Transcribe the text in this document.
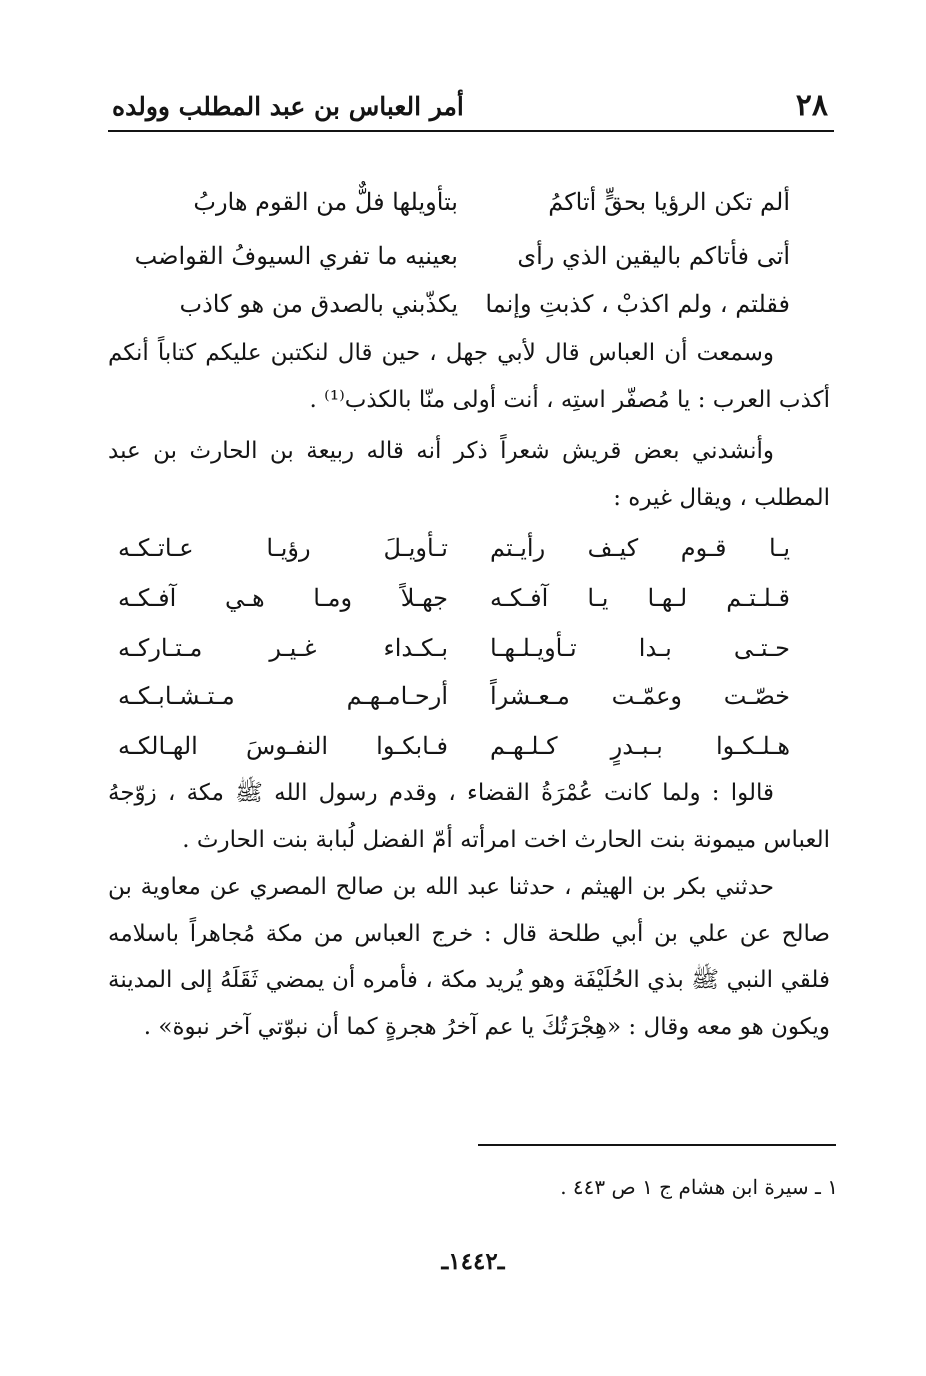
٢٨
أمر العباس بن عبد المطلب وولده
ألم تكن الرؤيا بحقٍّ أتاكمُ
بتأويلها فلٌّ من القوم هاربُ
أتى فأتاكم باليقين الذي رأى
بعينيه ما تفري السيوفُ القواضب
فقلتم ، ولم اكذبْ ، كذبتِ وإنما
يكذّبني بالصدق من هو كاذب
وسمعت أن العباس قال لأبي جهل ، حين قال لنكتبن عليكم كتاباً أنكم أكذب العرب : يا مُصفّر استِه ، أنت أولى منّا بالكذب⁽¹⁾ .
وأنشدني بعض قريش شعراً ذكر أنه قاله ربيعة بن الحارث بن عبد المطلب ، ويقال غيره :
يـا قـوم كيـف رأيـتم
تـأويـلَ رؤيـا عـاتـكـه
قـلـتـم لـهـا يـا آفـكـه
جهـلاً ومـا هـي آفـكـه
حـتـى بـدا تـأويـلـهـا
بـكـداء غـيـر مـتـاركـه
خصّـت وعمّـت مـعـشراً
أرحـامـهـم مـتـشـابـكـه
هـلـكـوا بـبـدرٍ كـلـهـم
فـابكـوا النفـوسَ الهـالكـه
قالوا : ولما كانت عُمْرَةُ القضاء ، وقدم رسول الله ﷺ مكة ، زوّجهُ العباس ميمونة بنت الحارث اخت امرأته أمّ الفضل لُبابة بنت الحارث .
حدثني بكر بن الهيثم ، حدثنا عبد الله بن صالح المصري عن معاوية بن صالح عن علي بن أبي طلحة قال : خرج العباس من مكة مُجاهراً باسلامه فلقي النبي ﷺ بذي الحُلَيْفَة وهو يُريد مكة ، فأمره أن يمضي ثَقَلَهُ إلى المدينة ويكون هو معه وقال : «هِجْرَتُكَ يا عم آخرُ هجرةٍ كما أن نبوّتي آخر نبوة» .
١ ـ سيرة ابن هشام ج ١ ص ٤٤٣ .
ـ١٤٤٢ـ
